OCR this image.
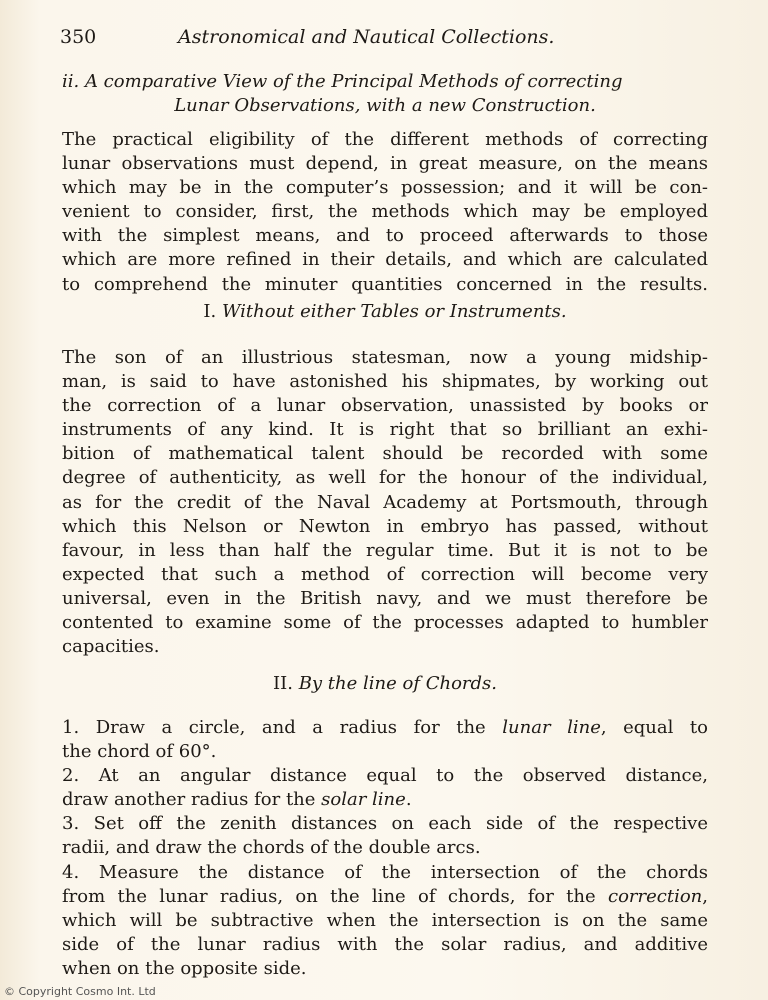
350	Astronomical and Nautical Collections.
ii. A comparative View of the Principal Methods of correcting
Lunar Observations, with a new Construction.
The practical eligibility of the different methods of correcting
lunar observations must depend, in great measure, on the means
which may be in the computer’s possession; and it will be con-
venient to consider, first, the methods which may be employed
with the simplest means, and to proceed afterwards to those
which are more refined in their details, and which are calculated
to comprehend the minuter quantities concerned in the results.
I. Without either Tables or Instruments.
The son of an illustrious statesman, now a young midship-
man, is said to have astonished his shipmates, by working out
the correction of a lunar observation, unassisted by books or
instruments of any kind. It is right that so brilliant an exhi-
bition of mathematical talent should be recorded with some
degree of authenticity, as well for the honour of the individual,
as for the credit of the Naval Academy at Portsmouth, through
which this Nelson or Newton in embryo has passed, without
favour, in less than half the regular time. But it is not to be
expected that such a method of correction will become very
universal, even in the British navy, and we must therefore be
contented to examine some of the processes adapted to humbler
capacities.
II. By the line of Chords.
1. Draw a circle, and a radius for the lunar line, equal to
the chord of 60°.
2. At an angular distance equal to the observed distance,
draw another radius for the solar line.
3. Set off the zenith distances on each side of the respective
radii, and draw the chords of the double arcs.
4. Measure the distance of the intersection of the chords
from the lunar radius, on the line of chords, for the correction,
which will be subtractive when the intersection is on the same
side of the lunar radius with the solar radius, and additive
when on the opposite side.
© Copyright Cosmo Int. Ltd
